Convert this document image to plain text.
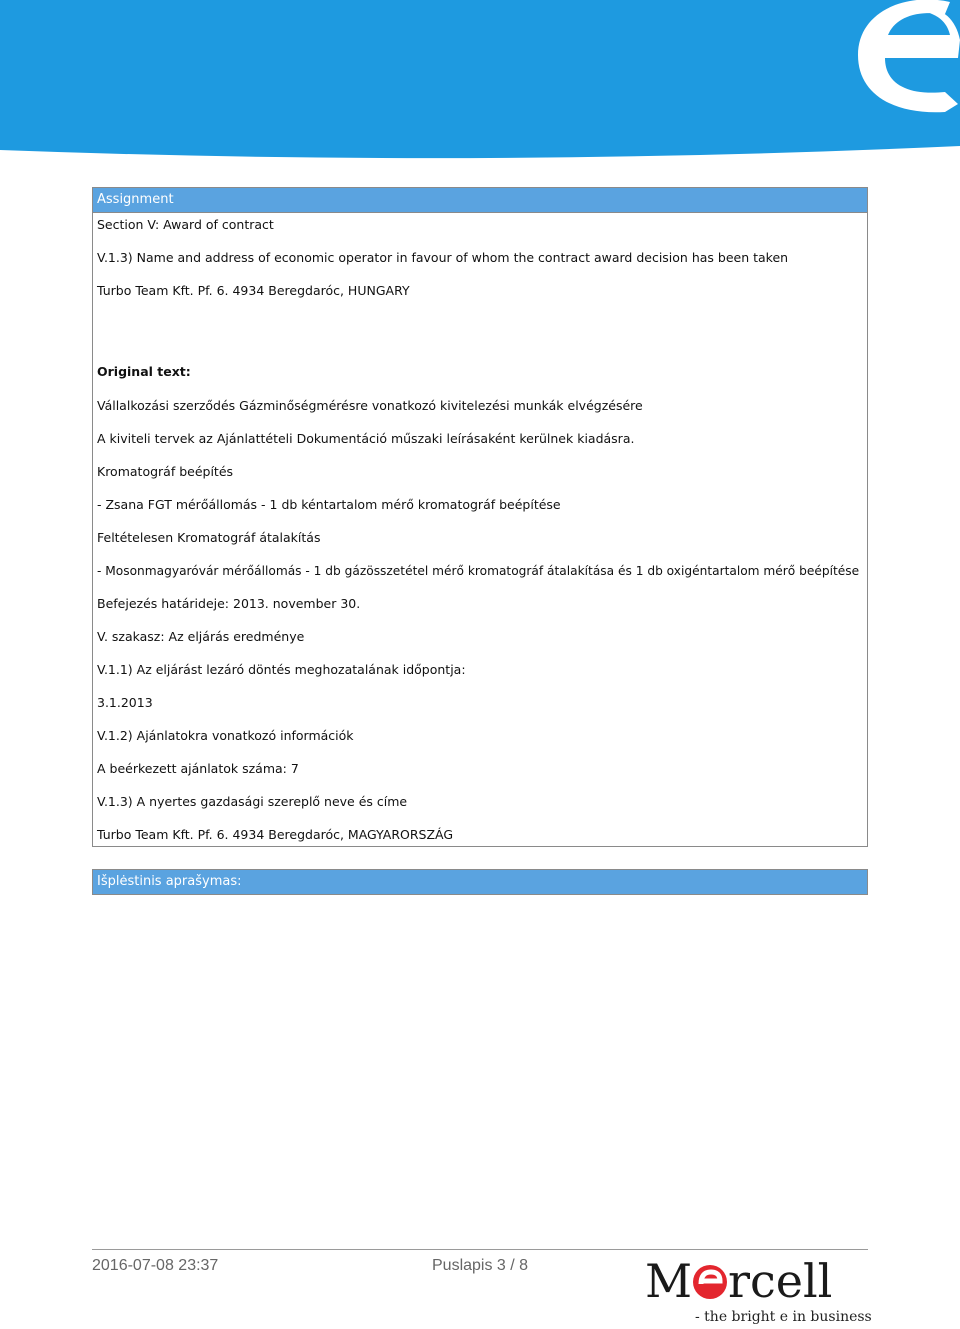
Assignment
Section V: Award of contract
V.1.3) Name and address of economic operator in favour of whom the contract award decision has been taken
Turbo Team Kft. Pf. 6. 4934 Beregdaróc, HUNGARY
Original text:
Vállalkozási szerződés Gázminőségmérésre vonatkozó kivitelezési munkák elvégzésére
A kiviteli tervek az Ajánlattételi Dokumentáció műszaki leírásaként kerülnek kiadásra.
Kromatográf beépítés
- Zsana FGT mérőállomás - 1 db kéntartalom mérő kromatográf beépítése
Feltételesen Kromatográf átalakítás
- Mosonmagyaróvár mérőállomás - 1 db gázösszetétel mérő kromatográf átalakítása és 1 db oxigéntartalom mérő beépítése
Befejezés határideje: 2013. november 30.
V. szakasz: Az eljárás eredménye
V.1.1) Az eljárást lezáró döntés meghozatalának időpontja:
3.1.2013
V.1.2) Ajánlatokra vonatkozó információk
A beérkezett ajánlatok száma: 7
V.1.3) A nyertes gazdasági szereplő neve és címe
Turbo Team Kft. Pf. 6. 4934 Beregdaróc, MAGYARORSZÁG
Išplėstinis aprašymas:
2016-07-08 23:37	Puslapis 3 / 8	M rcell
- the bright e in business
